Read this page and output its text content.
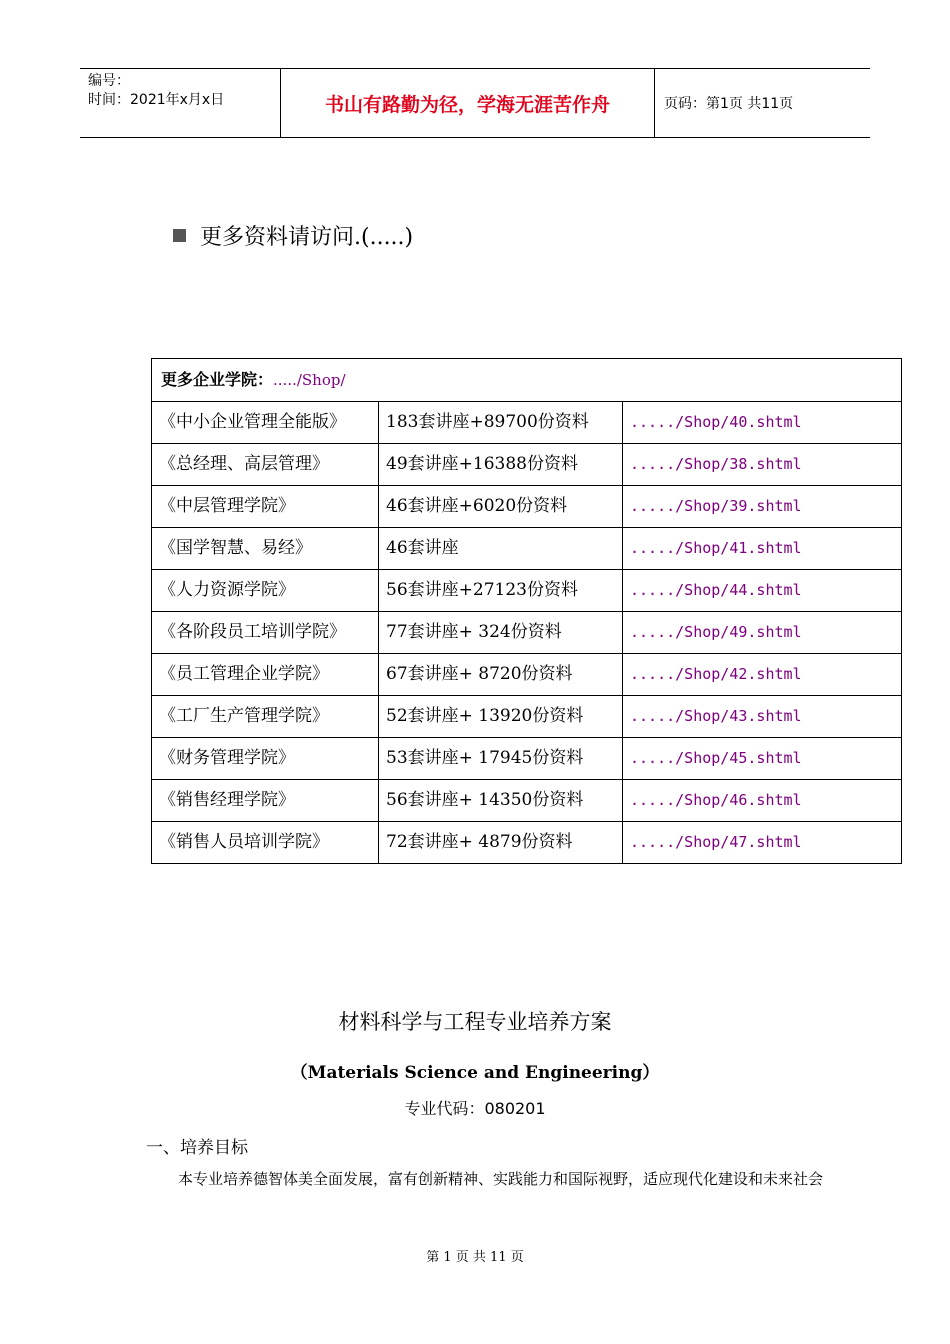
编号：
时间：2021年x月x日	书山有路勤为径，学海无涯苦作舟	页码：第1页 共11页
更多资料请访问.(.....)
更多企业学院：...../Shop/		
《中小企业管理全能版》	183套讲座+89700份资料	...../Shop/40.shtml
《总经理、高层管理》	49套讲座+16388份资料	...../Shop/38.shtml
《中层管理学院》	46套讲座+6020份资料	...../Shop/39.shtml
《国学智慧、易经》	46套讲座	...../Shop/41.shtml
《人力资源学院》	56套讲座+27123份资料	...../Shop/44.shtml
《各阶段员工培训学院》	77套讲座+ 324份资料	...../Shop/49.shtml
《员工管理企业学院》	67套讲座+ 8720份资料	...../Shop/42.shtml
《工厂生产管理学院》	52套讲座+ 13920份资料	...../Shop/43.shtml
《财务管理学院》	53套讲座+ 17945份资料	...../Shop/45.shtml
《销售经理学院》	56套讲座+ 14350份资料	...../Shop/46.shtml
《销售人员培训学院》	72套讲座+ 4879份资料	...../Shop/47.shtml
材料科学与工程专业培养方案
（Materials Science and Engineering）
专业代码：080201
一、培养目标
本专业培养德智体美全面发展，富有创新精神、实践能力和国际视野，适应现代化建设和未来社会
第 1 页 共 11 页
